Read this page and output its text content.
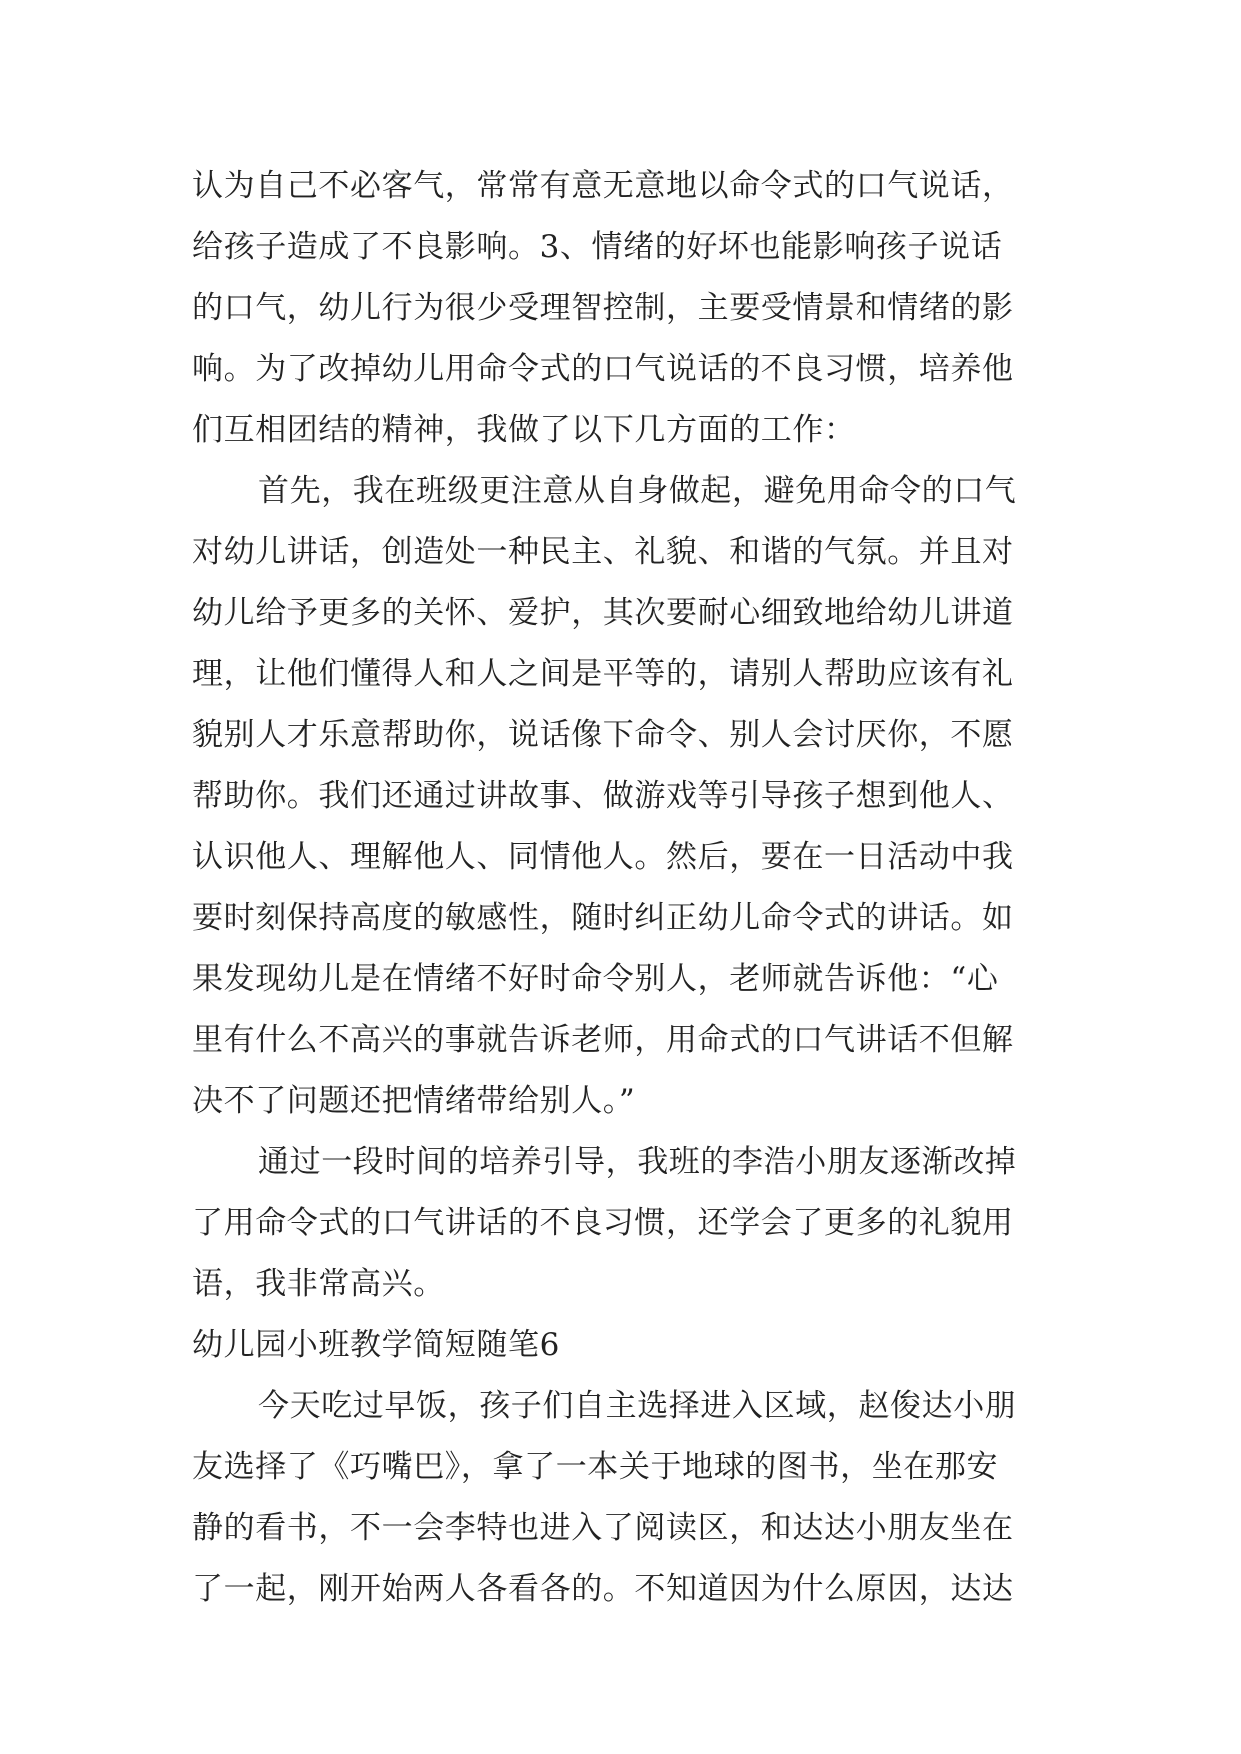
认为自己不必客气，常常有意无意地以命令式的口气说话，
给孩子造成了不良影响。3、情绪的好坏也能影响孩子说话
的口气，幼儿行为很少受理智控制，主要受情景和情绪的影
响。为了改掉幼儿用命令式的口气说话的不良习惯，培养他
们互相团结的精神，我做了以下几方面的工作：
首先，我在班级更注意从自身做起，避免用命令的口气
对幼儿讲话，创造处一种民主、礼貌、和谐的气氛。并且对
幼儿给予更多的关怀、爱护，其次要耐心细致地给幼儿讲道
理，让他们懂得人和人之间是平等的，请别人帮助应该有礼
貌别人才乐意帮助你，说话像下命令、别人会讨厌你，不愿
帮助你。我们还通过讲故事、做游戏等引导孩子想到他人、
认识他人、理解他人、同情他人。然后，要在一日活动中我
要时刻保持高度的敏感性，随时纠正幼儿命令式的讲话。如
果发现幼儿是在情绪不好时命令别人，老师就告诉他：“心
里有什么不高兴的事就告诉老师，用命式的口气讲话不但解
决不了问题还把情绪带给别人。”
通过一段时间的培养引导，我班的李浩小朋友逐渐改掉
了用命令式的口气讲话的不良习惯，还学会了更多的礼貌用
语，我非常高兴。
幼儿园小班教学简短随笔6
今天吃过早饭，孩子们自主选择进入区域，赵俊达小朋
友选择了《巧嘴巴》，拿了一本关于地球的图书，坐在那安
静的看书，不一会李特也进入了阅读区，和达达小朋友坐在
了一起，刚开始两人各看各的。不知道因为什么原因，达达
